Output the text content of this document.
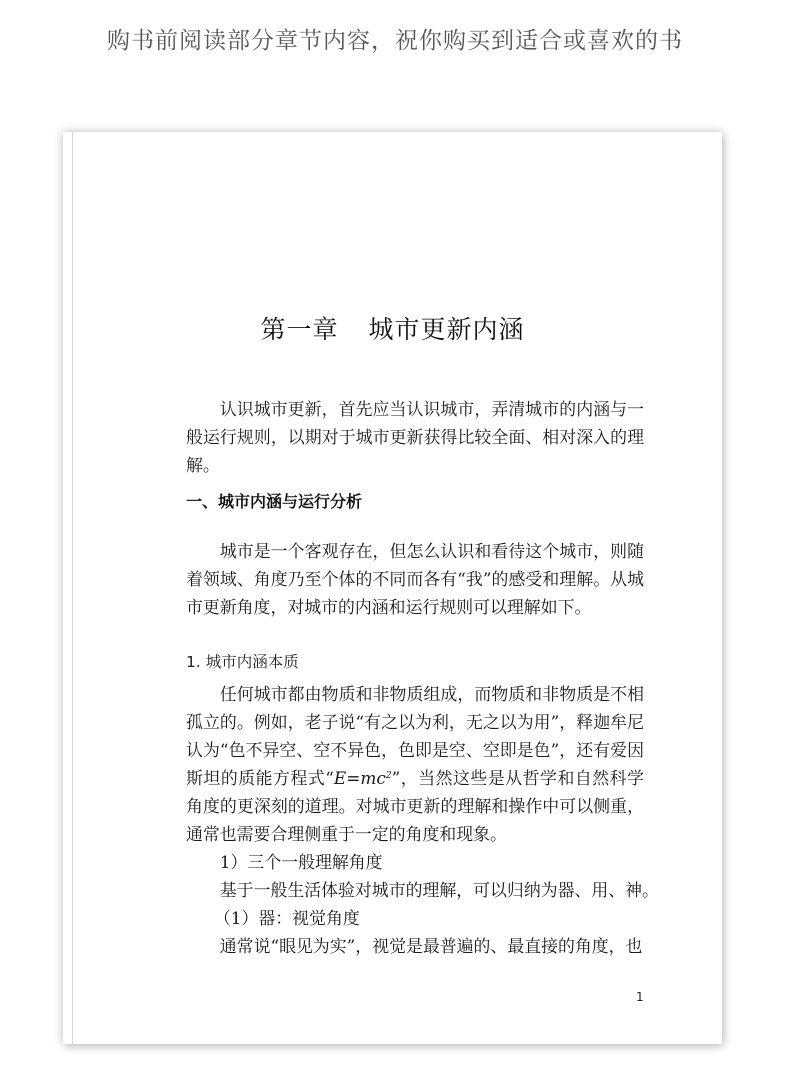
购书前阅读部分章节内容，祝你购买到适合或喜欢的书
第一章 城市更新内涵

认识城市更新，首先应当认识城市，弄清城市的内涵与一般运行规则，以期对于城市更新获得比较全面、相对深入的理解。

一、城市内涵与运行分析

城市是一个客观存在，但怎么认识和看待这个城市，则随着领域、角度乃至个体的不同而各有“我”的感受和理解。从城市更新角度，对城市的内涵和运行规则可以理解如下。

1. 城市内涵本质

任何城市都由物质和非物质组成，而物质和非物质是不相孤立的。例如，老子说“有之以为利，无之以为用”，释迦牟尼认为“色不异空、空不异色，色即是空、空即是色”，还有爱因斯坦的质能方程式“$E=mc^2$”，当然这些是从哲学和自然科学角度的更深刻的道理。对城市更新的理解和操作中可以侧重，通常也需要合理侧重于一定的角度和现象。

1）三个一般理解角度
基于一般生活体验对城市的理解，可以归纳为器、用、神。
（1）器：视觉角度
通常说“眼见为实”，视觉是最普遍的、最直接的角度，也
1
